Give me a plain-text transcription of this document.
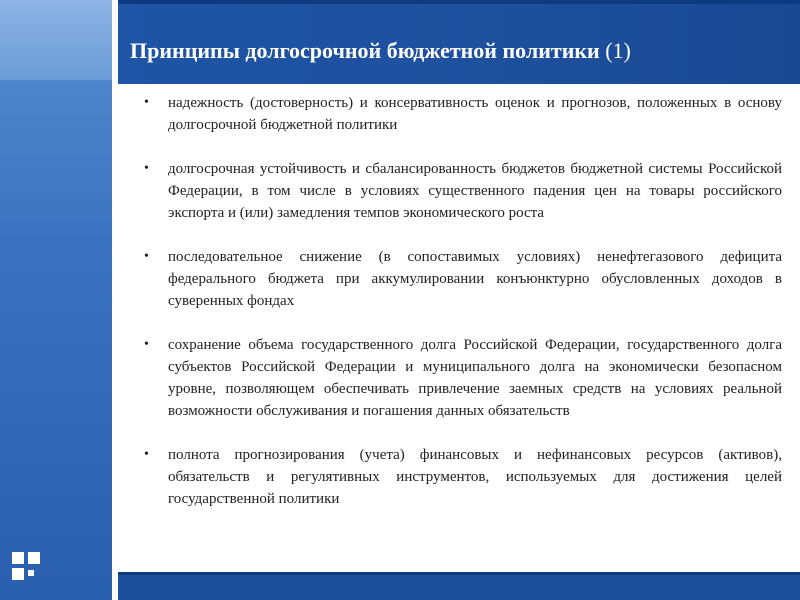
Принципы долгосрочной бюджетной политики (1)
• надежность (достоверность) и консервативность оценок и прогнозов, положенных в основу долгосрочной бюджетной политики
• долгосрочная устойчивость и сбалансированность бюджетов бюджетной системы Российской Федерации, в том числе в условиях существенного падения цен на товары российского экспорта и (или) замедления темпов экономического роста
• последовательное снижение (в сопоставимых условиях) ненефтегазового дефицита федерального бюджета при аккумулировании конъюнктурно обусловленных доходов в суверенных фондах
• сохранение объема государственного долга Российской Федерации, государственного долга субъектов Российской Федерации и муниципального долга на экономически безопасном уровне, позволяющем обеспечивать привлечение заемных средств на условиях реальной возможности обслуживания и погашения данных обязательств
• полнота прогнозирования (учета) финансовых и нефинансовых ресурсов (активов), обязательств и регулятивных инструментов, используемых для достижения целей государственной политики
